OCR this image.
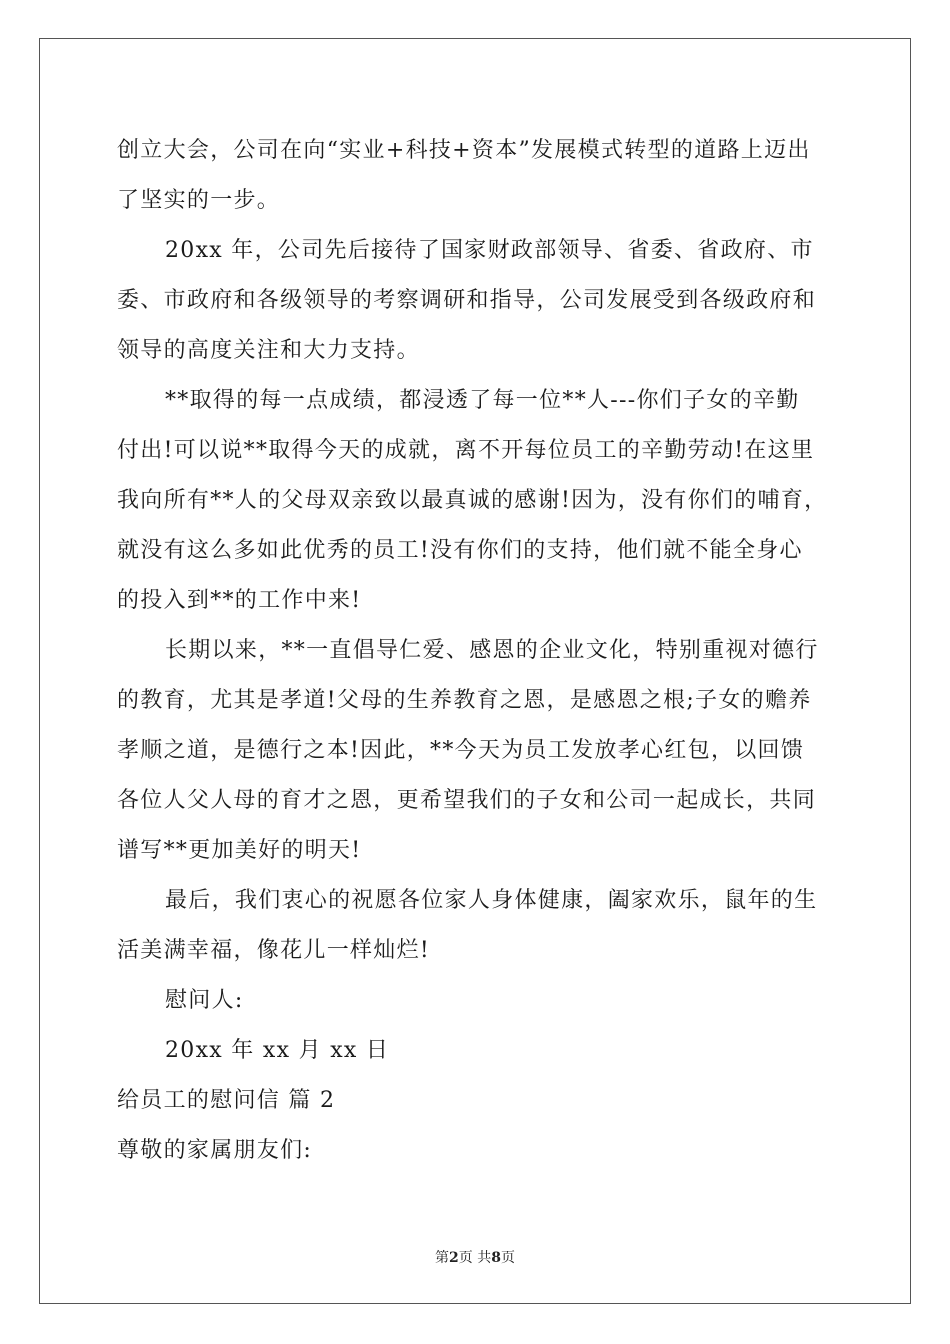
创立大会，公司在向“实业+科技+资本”发展模式转型的道路上迈出
了坚实的一步。

20xx 年，公司先后接待了国家财政部领导、省委、省政府、市
委、市政府和各级领导的考察调研和指导，公司发展受到各级政府和
领导的高度关注和大力支持。

**取得的每一点成绩，都浸透了每一位**人---你们子女的辛勤
付出!可以说**取得今天的成就，离不开每位员工的辛勤劳动!在这里
我向所有**人的父母双亲致以最真诚的感谢!因为，没有你们的哺育，
就没有这么多如此优秀的员工!没有你们的支持，他们就不能全身心
的投入到**的工作中来!

长期以来，**一直倡导仁爱、感恩的企业文化，特别重视对德行
的教育，尤其是孝道!父母的生养教育之恩，是感恩之根;子女的赡养
孝顺之道，是德行之本!因此，**今天为员工发放孝心红包，以回馈
各位人父人母的育才之恩，更希望我们的子女和公司一起成长，共同
谱写**更加美好的明天!

最后，我们衷心的祝愿各位家人身体健康，阖家欢乐，鼠年的生
活美满幸福，像花儿一样灿烂!

慰问人:

20xx 年 xx 月 xx 日

给员工的慰问信 篇 2

尊敬的家属朋友们:

第2页 共8页
